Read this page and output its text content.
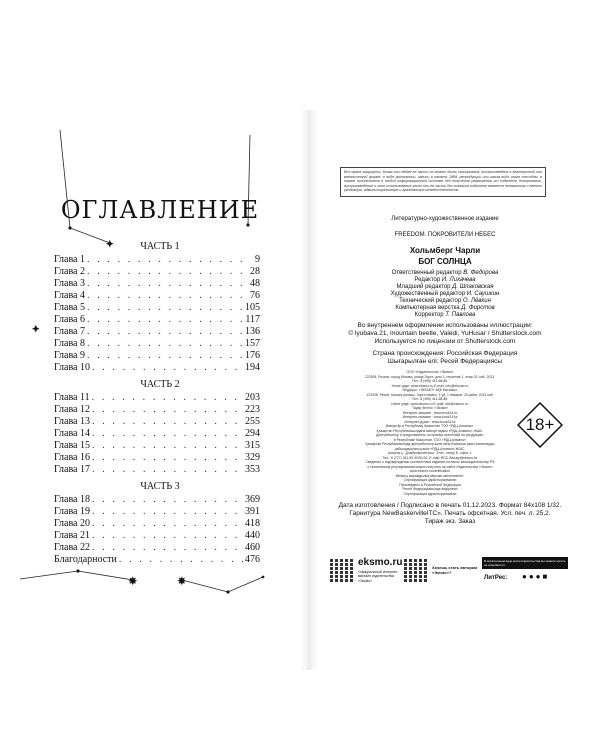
✦
✸	✸
✦
ОГЛАВЛЕНИЕ
ЧАСТЬ 1
Глава 1 . . .	9
Глава 2 . . .	28
Глава 3 . . .	48
Глава 4 . . .	76
Глава 5 . . .	105
Глава 6 . . .	117
Глава 7 . . .	136
Глава 8 . . .	157
Глава 9 . . .	176
Глава 10 . . .	194
ЧАСТЬ 2
Глава 11 . . .	203
Глава 12 . . .	223
Глава 13 . . .	255
Глава 14 . . .	294
Глава 15 . . .	315
Глава 16 . . .	329
Глава 17 . . .	353
ЧАСТЬ 3
Глава 18 . . .	369
Глава 19 . . .	391
Глава 20 . . .	418
Глава 21 . . .	440
Глава 22 . . .	460
Благодарности . . .	476
Все права защищены. Книга или любая ее часть не может быть скопирована, воспроизведена в электронной или механической форме, в виде фотокопии, записи в память ЭВМ, репродукции или каким-либо иным способом, а также использована в любой информационной системе без получения разрешения от издателя. Копирование, воспроизведение и иное использование книги или ее части без согласия издателя является незаконным и влечет уголовную, административную и гражданскую ответственность.
Литературно-художественное издание
FREEDOM. ПОКРОВИТЕЛИ НЕБЕС
Хольмберг Чарли
БОГ СОЛНЦА
Ответственный редактор В. Федорова
Редактор И. Лихачева
Младший редактор Д. Шпаковская
Художественный редактор И. Саушкин
Технический редактор О. Лёвкин
Компьютерная верстка Д. Фирстов
Корректор Т. Павлова
Во внутреннем оформлении использованы иллюстрации:
© lyubava.21, mountain beetle, Valedi, YuHusar / Shutterstock.com
Используется по лицензии от Shutterstock.com
Страна происхождения: Российская Федерация
Шығарылған елі: Ресей Федерациясы
ООО «Издательство «Эксмо»
123308, Россия, город Москва, улица Зорге, дом 1, строение 1, этаж 20, каб. 2013.
Тел.: 8 (495) 411-68-86.
Home page: www.eksmo.ru E-mail: info@eksmo.ru
Өндіруші: «ЭКСМО» АҚБ Баспасы,
123308, Ресей, Мәскеу қаласы, Зорге көшесі, 1 үй, 1 ғимарат, 20 қабат, 2013 каб.
Тел.: 8 (495) 411-68-86.
Home page: www.eksmo.ru E-mail: info@eksmo.ru.
Тауар белгісі: «Эксмо»
Интернет-магазин : www.book24.ru
Интернет-магазин : www.book24.kz
Интернет-дүкен : www.book24.kz
Импортёр в Республику Казахстан ТОО «РДЦ-Алматы».
Қазақстан Республикасындағы импорттаушы «РДЦ-Алматы» ЖШС.
Дистрибьютор и представитель по приему претензий на продукцию,
в Республике Казахстан: ТОО «РДЦ-Алматы»
Қазақстан Республикасында дистрибьютор және өнім бойынша арыз-талаптарды
қабылдаушының өкілі «РДЦ-Алматы» ЖШС,
Алматы қ., Домбровский көш., 3«а», литер Б, офис 1.
Тел.: 8 (727) 251-59-90/91/92; E-mail: RDC-Almaty@eksmo.kz
Сведения о подтверждении соответствия издания согласно законодательству РФ
о техническом регулировании можно получить на сайте Издательства «Эксмо»
www.eksmo.ru/certification
Өнімнің жарамдылық мерзімі шектелмеген.
Сертификация қарастырылмаған
Произведено в Российской Федерации
Ресей Федерациясында өндірілген
Сертификация қарастырылмаған
18+
Дата изготовления / Подписано в печать 01.12.2023. Формат 84x108 1/32.
Гарнитура NewBaskervilleITC». Печать офсетная. Усл. печ. л. 25,2.
Тираж экз. Заказ
eksmo.ru
Официальный интернет-магазин издательства «Эксмо»
Хочешь стать автором «Эксмо»?
В электронном виде книги издательства вы можете купить на www.litres.ru
ЛитРес: ●●●■
